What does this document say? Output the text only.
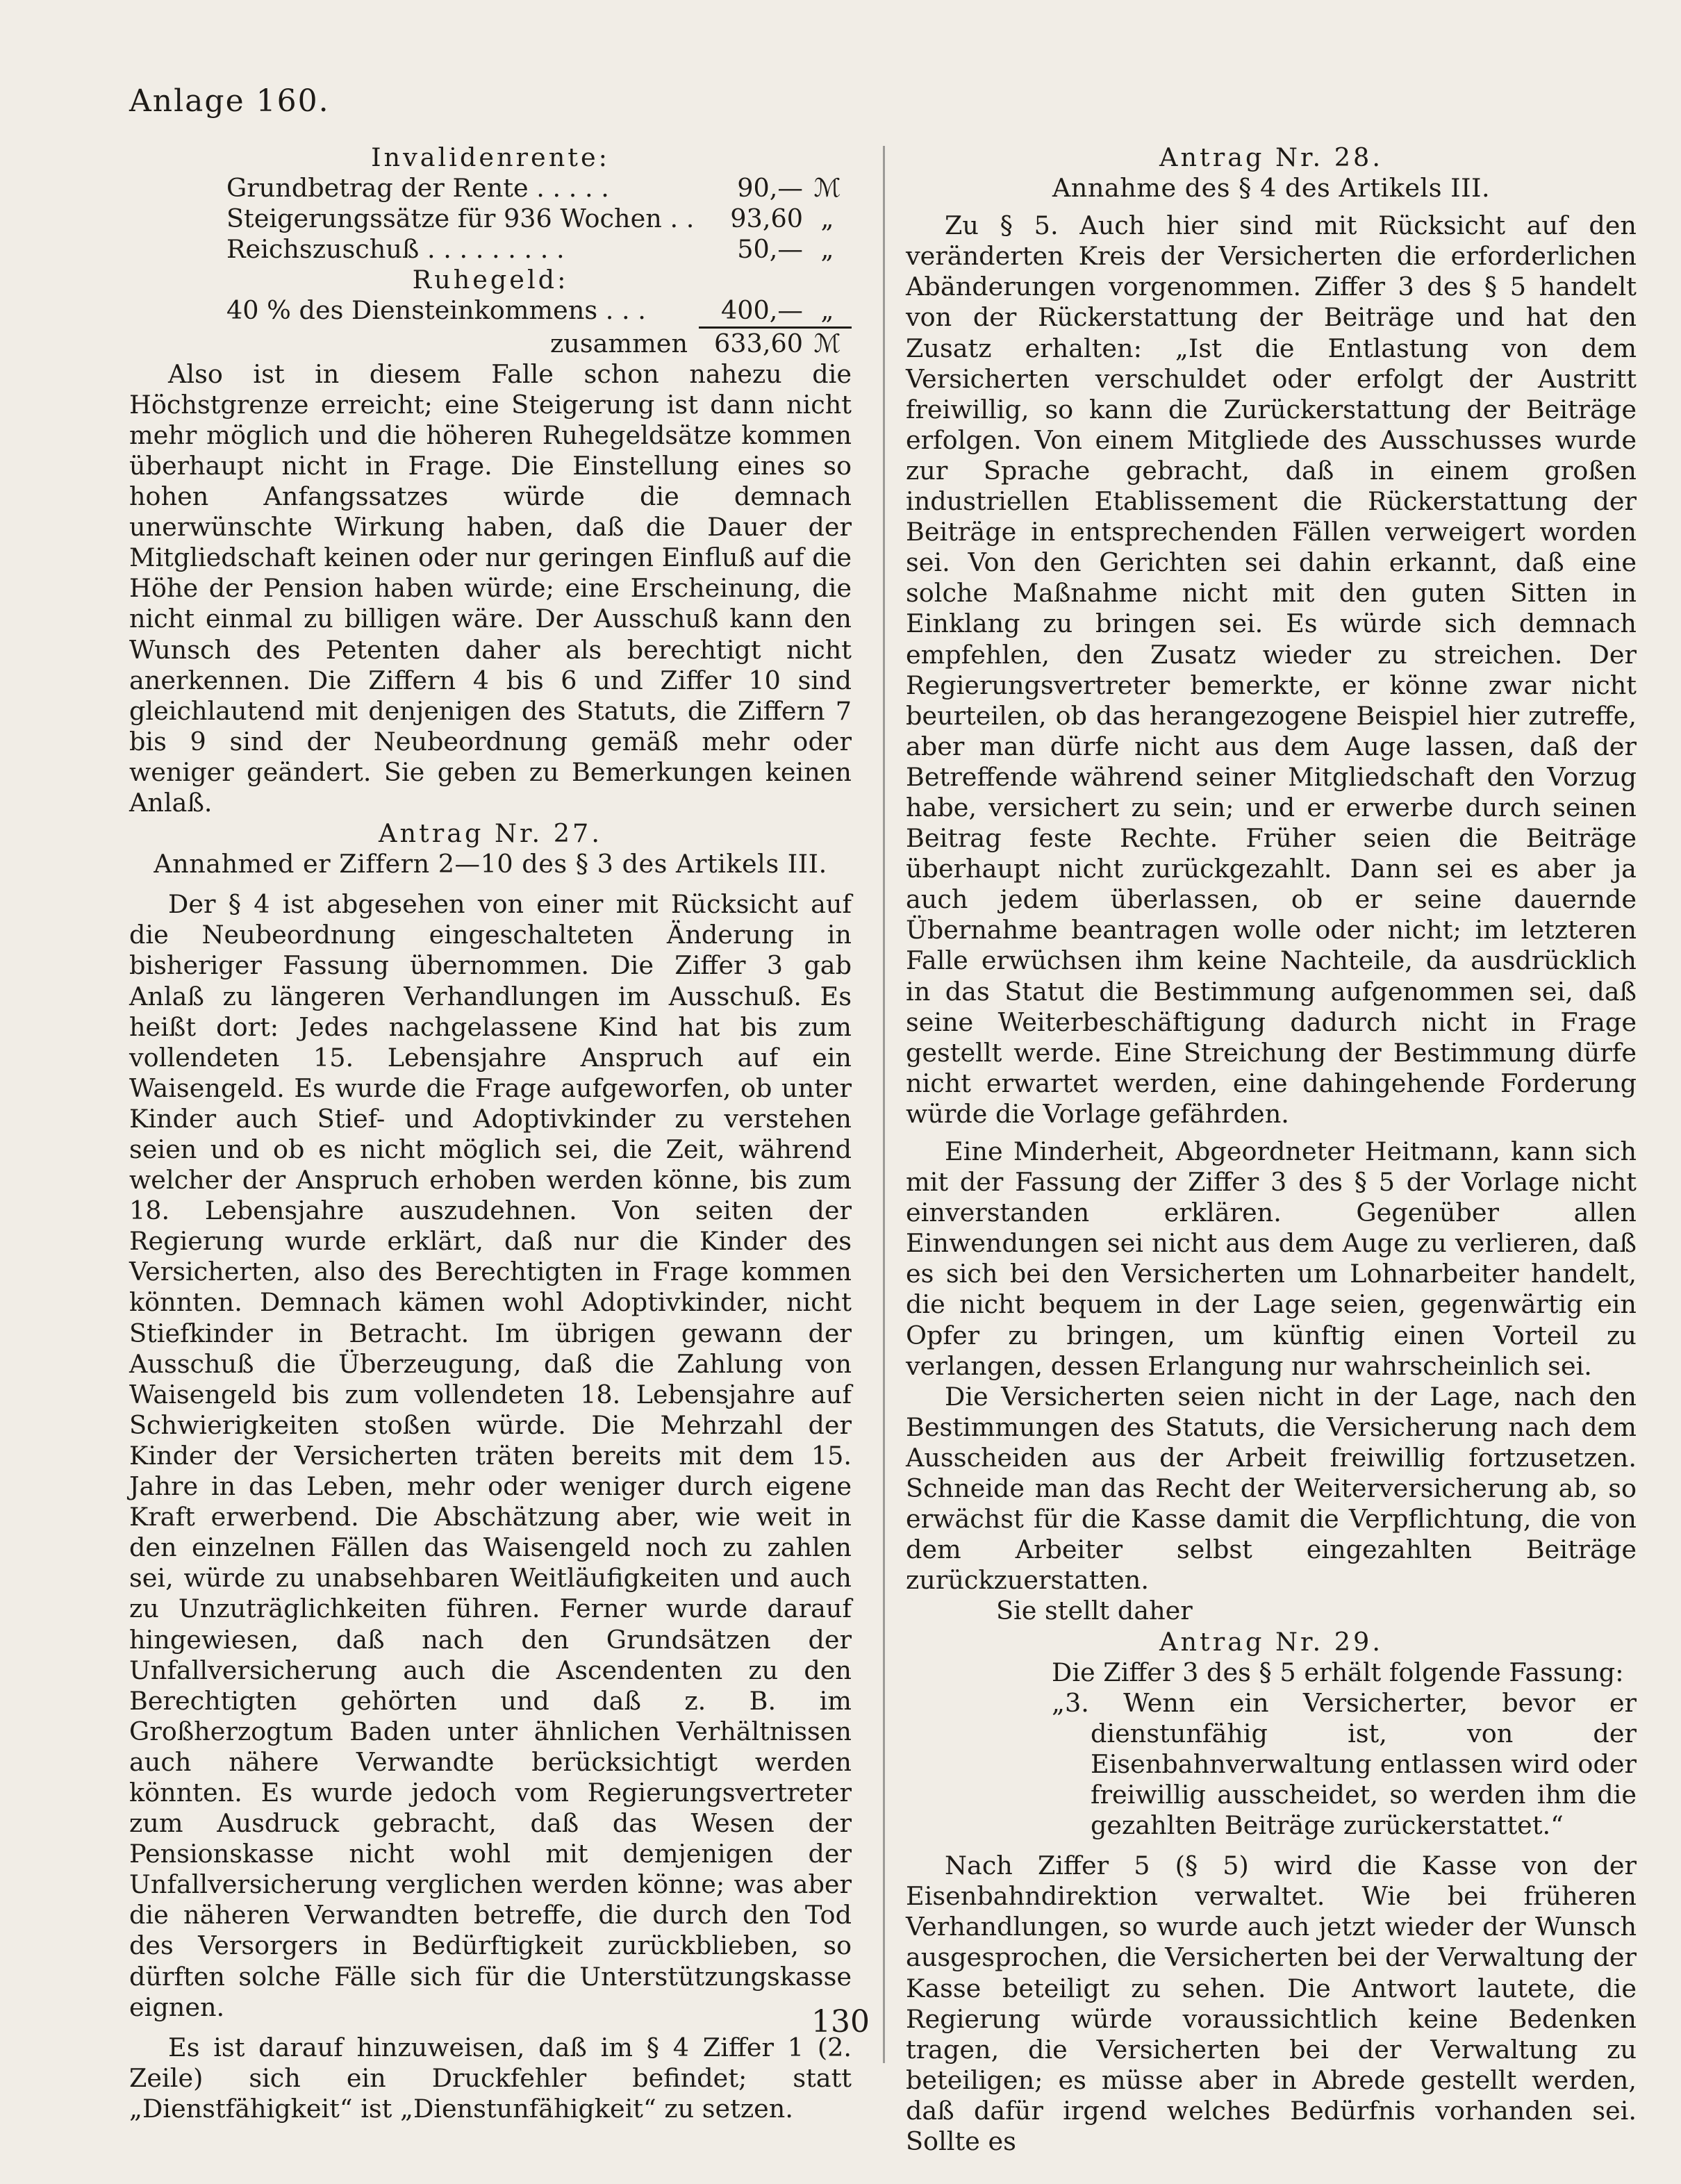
Anlage 160.

Invalidenrente:

Grundbetrag der Rente . . . . .	90,— ℳ
Steigerungssätze für 936 Wochen . .	93,60 „
Reichszuschuß . . . . . . . . .	50,— „

Ruhegeld:

40 % des Diensteinkommens . . .	400,— „
zusammen	633,60 ℳ

Also ist in diesem Falle schon nahezu die Höchstgrenze erreicht; eine Steigerung ist dann nicht mehr möglich und die höheren Ruhegeldsätze kommen überhaupt nicht in Frage. Die Einstellung eines so hohen Anfangssatzes würde die demnach unerwünschte Wirkung haben, daß die Dauer der Mitgliedschaft keinen oder nur geringen Einfluß auf die Höhe der Pension haben würde; eine Erscheinung, die nicht einmal zu billigen wäre. Der Ausschuß kann den Wunsch des Petenten daher als berechtigt nicht anerkennen. Die Ziffern 4 bis 6 und Ziffer 10 sind gleichlautend mit denjenigen des Statuts, die Ziffern 7 bis 9 sind der Neubeordnung gemäß mehr oder weniger geändert. Sie geben zu Bemerkungen keinen Anlaß.

Antrag Nr. 27.

Annahmed er Ziffern 2—10 des § 3 des Artikels III.

Der § 4 ist abgesehen von einer mit Rücksicht auf die Neubeordnung eingeschalteten Änderung in bisheriger Fassung übernommen. Die Ziffer 3 gab Anlaß zu längeren Verhandlungen im Ausschuß. Es heißt dort: Jedes nachgelassene Kind hat bis zum vollendeten 15. Lebensjahre Anspruch auf ein Waisengeld. Es wurde die Frage aufgeworfen, ob unter Kinder auch Stief- und Adoptivkinder zu verstehen seien und ob es nicht möglich sei, die Zeit, während welcher der Anspruch erhoben werden könne, bis zum 18. Lebensjahre auszudehnen. Von seiten der Regierung wurde erklärt, daß nur die Kinder des Versicherten, also des Berechtigten in Frage kommen könnten. Demnach kämen wohl Adoptivkinder, nicht Stiefkinder in Betracht. Im übrigen gewann der Ausschuß die Überzeugung, daß die Zahlung von Waisengeld bis zum vollendeten 18. Lebensjahre auf Schwierigkeiten stoßen würde. Die Mehrzahl der Kinder der Versicherten träten bereits mit dem 15. Jahre in das Leben, mehr oder weniger durch eigene Kraft erwerbend. Die Abschätzung aber, wie weit in den einzelnen Fällen das Waisengeld noch zu zahlen sei, würde zu unabsehbaren Weitläufigkeiten und auch zu Unzuträglichkeiten führen. Ferner wurde darauf hingewiesen, daß nach den Grundsätzen der Unfallversicherung auch die Ascendenten zu den Berechtigten gehörten und daß z. B. im Großherzogtum Baden unter ähnlichen Verhältnissen auch nähere Verwandte berücksichtigt werden könnten. Es wurde jedoch vom Regierungsvertreter zum Ausdruck gebracht, daß das Wesen der Pensionskasse nicht wohl mit demjenigen der Unfallversicherung verglichen werden könne; was aber die näheren Verwandten betreffe, die durch den Tod des Versorgers in Bedürftigkeit zurückblieben, so dürften solche Fälle sich für die Unterstützungskasse eignen.

Es ist darauf hinzuweisen, daß im § 4 Ziffer 1 (2. Zeile) sich ein Druckfehler befindet; statt „Dienstfähigkeit“ ist „Dienstunfähigkeit“ zu setzen.

Antrag Nr. 28.

Annahme des § 4 des Artikels III.

Zu § 5. Auch hier sind mit Rücksicht auf den veränderten Kreis der Versicherten die erforderlichen Abänderungen vorgenommen. Ziffer 3 des § 5 handelt von der Rückerstattung der Beiträge und hat den Zusatz erhalten: „Ist die Entlastung von dem Versicherten verschuldet oder erfolgt der Austritt freiwillig, so kann die Zurückerstattung der Beiträge erfolgen. Von einem Mitgliede des Ausschusses wurde zur Sprache gebracht, daß in einem großen industriellen Etablissement die Rückerstattung der Beiträge in entsprechenden Fällen verweigert worden sei. Von den Gerichten sei dahin erkannt, daß eine solche Maßnahme nicht mit den guten Sitten in Einklang zu bringen sei. Es würde sich demnach empfehlen, den Zusatz wieder zu streichen. Der Regierungsvertreter bemerkte, er könne zwar nicht beurteilen, ob das herangezogene Beispiel hier zutreffe, aber man dürfe nicht aus dem Auge lassen, daß der Betreffende während seiner Mitgliedschaft den Vorzug habe, versichert zu sein; und er erwerbe durch seinen Beitrag feste Rechte. Früher seien die Beiträge überhaupt nicht zurückgezahlt. Dann sei es aber ja auch jedem überlassen, ob er seine dauernde Übernahme beantragen wolle oder nicht; im letzteren Falle erwüchsen ihm keine Nachteile, da ausdrücklich in das Statut die Bestimmung aufgenommen sei, daß seine Weiterbeschäftigung dadurch nicht in Frage gestellt werde. Eine Streichung der Bestimmung dürfe nicht erwartet werden, eine dahingehende Forderung würde die Vorlage gefährden.

Eine Minderheit, Abgeordneter Heitmann, kann sich mit der Fassung der Ziffer 3 des § 5 der Vorlage nicht einverstanden erklären. Gegenüber allen Einwendungen sei nicht aus dem Auge zu verlieren, daß es sich bei den Versicherten um Lohnarbeiter handelt, die nicht bequem in der Lage seien, gegenwärtig ein Opfer zu bringen, um künftig einen Vorteil zu verlangen, dessen Erlangung nur wahrscheinlich sei.

Die Versicherten seien nicht in der Lage, nach den Bestimmungen des Statuts, die Versicherung nach dem Ausscheiden aus der Arbeit freiwillig fortzusetzen. Schneide man das Recht der Weiterversicherung ab, so erwächst für die Kasse damit die Verpflichtung, die von dem Arbeiter selbst eingezahlten Beiträge zurückzuerstatten.

Sie stellt daher

Antrag Nr. 29.

Die Ziffer 3 des § 5 erhält folgende Fassung:

„3. Wenn ein Versicherter, bevor er dienstunfähig ist, von der Eisenbahnverwaltung entlassen wird oder freiwillig ausscheidet, so werden ihm die gezahlten Beiträge zurückerstattet.“

Nach Ziffer 5 (§ 5) wird die Kasse von der Eisenbahndirektion verwaltet. Wie bei früheren Verhandlungen, so wurde auch jetzt wieder der Wunsch ausgesprochen, die Versicherten bei der Verwaltung der Kasse beteiligt zu sehen. Die Antwort lautete, die Regierung würde voraussichtlich keine Bedenken tragen, die Versicherten bei der Verwaltung zu beteiligen; es müsse aber in Abrede gestellt werden, daß dafür irgend welches Bedürfnis vorhanden sei. Sollte es

130
